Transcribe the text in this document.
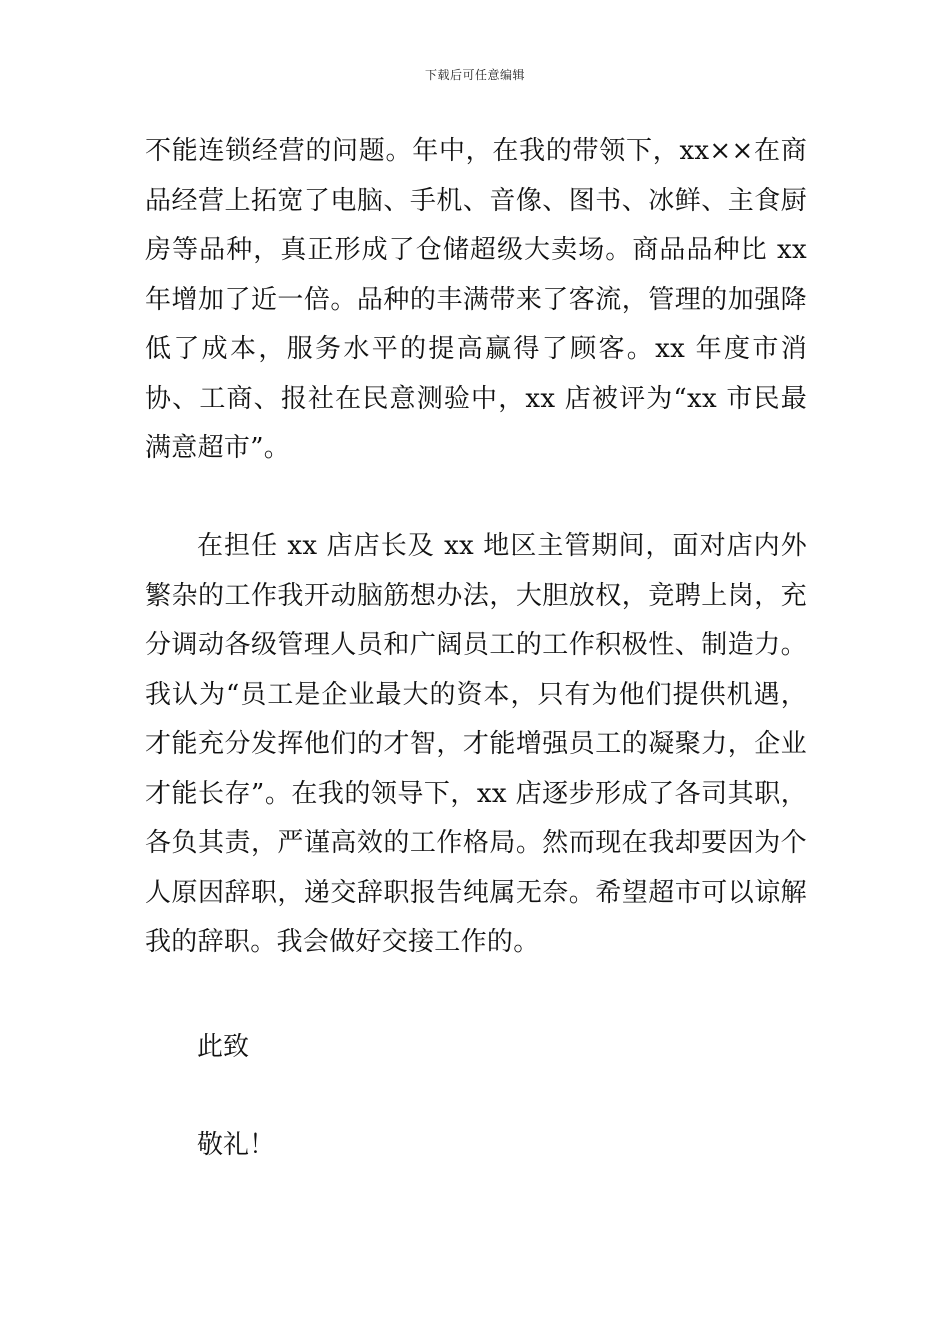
下载后可任意编辑
不能连锁经营的问题。年中，在我的带领下，xx××在商品经营上拓宽了电脑、手机、音像、图书、冰鲜、主食厨房等品种，真正形成了仓储超级大卖场。商品品种比 xx 年增加了近一倍。品种的丰满带来了客流，管理的加强降低了成本，服务水平的提高赢得了顾客。xx 年度市消协、工商、报社在民意测验中，xx 店被评为“xx 市民最满意超市”。
在担任 xx 店店长及 xx 地区主管期间，面对店内外繁杂的工作我开动脑筋想办法，大胆放权，竞聘上岗，充分调动各级管理人员和广阔员工的工作积极性、制造力。我认为“员工是企业最大的资本，只有为他们提供机遇，才能充分发挥他们的才智，才能增强员工的凝聚力，企业才能长存”。在我的领导下，xx 店逐步形成了各司其职，各负其责，严谨高效的工作格局。然而现在我却要因为个人原因辞职，递交辞职报告纯属无奈。希望超市可以谅解我的辞职。我会做好交接工作的。
此致
敬礼！
